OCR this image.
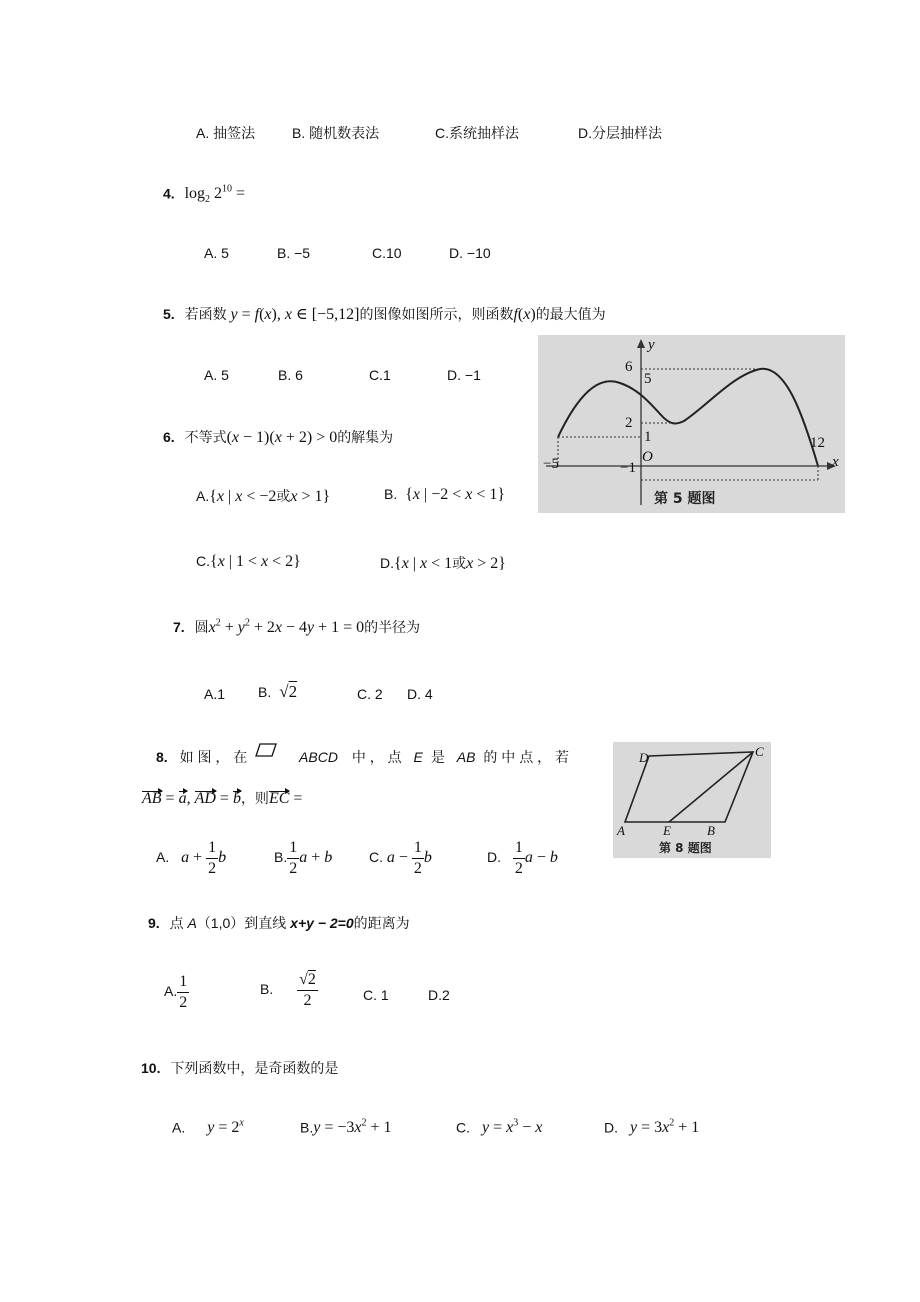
A. 抽签法	B. 随机数表法	C.系统抽样法	D.分层抽样法
4. $\log_2 2^{10}$ =
A. 5	B. −5	C.10	D. −10
5. 若函数 y = f(x), x ∈ [−5,12]的图像如图所示，则函数f(x)的最大值为
A. 5	B. 6	C.1	D. −1
y
x
6
5
2
1
O
−1
−5
12
第 5 题图
6. 不等式(x − 1)(x + 2) > 0的解集为
A.{x | x < −2或x > 1}	B. {x | −2 < x < 1}
C.{x | 1 < x < 2}	D.{x | x < 1或x > 2}
7. 圆$x^2 + y^2 + 2x - 4y + 1 = 0$的半径为
A.1 B. √2	C. 2 D. 4
8. 如 图 ， 在	ABCD 中 ， 点 E 是 AB 的 中 点 ， 若
AB = a, AD = b，则EC =
A. $a + \frac{1}{2}$ b	B. $\frac{1}{2}$ a + b	C. $a - \frac{1}{2}$ b	D. $\frac{1}{2}$ a − b
A	B
C
D
E
第 8 题图
9. 点 A（1,0）到直线 x+y − 2=0的距离为
A. $\frac{1}{2}$	B. $\frac{√2}{2}$	C. 1	D.2
10. 下列函数中，是奇函数的是
A. $y = 2^x$	$B.y = -3x^2 + 1$	C. $y = x^3 - x$	D. $y = 3x^2 + 1$
